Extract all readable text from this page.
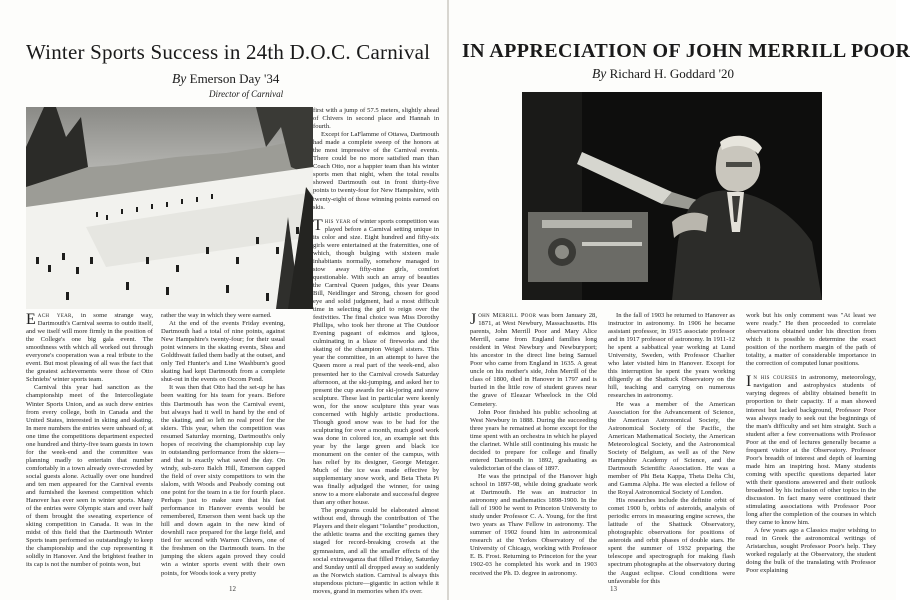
Winter Sports Success in 24th D.O.C. Carnival
By Emerson Day '34
Director of Carnival

Each year, in some strange way, Dartmouth's Carnival seems to outdo itself, and we itself will more firmly in the position of the College's one big gala event. The smoothness with which all worked out through everyone's cooperation was a real tribute to the event. But most pleasing of all was the fact that the greatest achievements were those of Otto Schniebs' winter sports team.

Carnival this year had sanction as the championship meet of the Intercollegiate Winter Sports Union, and as such drew entries from every college, both in Canada and the United States, interested in skiing and skating. In mere numbers the entries were unheard of; at one time the competitions department expected one hundred and thirty-five team guests in town for the week-end and the committee was planning madly to entertain that number comfortably in a town already over-crowded by social guests alone. Actually over one hundred and ten men appeared for the Carnival events and furnished the keenest competition which Hanover has ever seen in winter sports. Many of the entries were Olympic stars and over half of them brought the sweating experience of skiing competition in Canada. It was in the midst of this field that the Dartmouth Winter Sports team performed so outstandingly to keep the championship and the cup representing it solidly in Hanover. And the brightest feather in its cap is not the number of points won, but

rather the way in which they were earned.

At the end of the events Friday evening, Dartmouth had a total of nine points, against New Hampshire's twenty-four; for their usual point winners in the skating events, Shea and Goldthwait failed them badly at the outset, and only Ted Hunter's and Line Washburn's good skating had kept Dartmouth from a complete shut-out in the events on Occom Pond.

It was then that Otto had the set-up he has been waiting for his team for years. Before this Dartmouth has won the Carnival event, but always had it well in hand by the end of the skating, and so left no real proof for the skiers. This year, when the competition was resumed Saturday morning, Dartmouth's only hopes of receiving the championship cup lay in outstanding performance from the skiers—and that is exactly what saved the day. On windy, sub-zero Balch Hill, Emerson capped the field of over sixty competitors to win the slalom, with Woods and Peabody coming out one point for the team in a tie for fourth place. Perhaps just to make sure that his fast performance in Hanover events would be remembered, Emerson then went back up the hill and down again in the new kind of downhill race prepared for the large field, and tied for second with Warren Chivers, one of the freshmen on the Dartmouth team. In the jumping the skiers again proved they could win a winter sports event with their own points, for Woods took a very pretty

first with a jump of 57.5 meters, slightly ahead of Chivers in second place and Hannah in fourth.

Except for LaFlamme of Ottawa, Dartmouth had made a complete sweep of the honors at the most impressive of the Carnival events. There could be no more satisfied man than Coach Otto, nor a happier team than his winter sports men that night, when the total results showed Dartmouth out in front thirty-five points to twenty-four for New Hampshire, with twenty-eight of those winning points earned on skis.

This year of winter sports competition was played before a Carnival setting unique in its color and size. Eight hundred and fifty-six girls were entertained at the fraternities, one of which, though bulging with sixteen male inhabitants normally, somehow managed to stow away fifty-nine girls, comfort questionable. With such an array of beauties the Carnival Queen judges, this year Deans Bill, Neidlinger and Strong, chosen for good eye and solid judgment, had a most difficult time in selecting the girl to reign over the festivities. The final choice was Miss Dorothy Phillips, who took her throne at The Outdoor Evening pageant of eskimos and igloos, culminating in a blaze of fireworks and the skating of the champion Weigel sisters. This year the committee, in an attempt to have the Queen more a real part of the week-end, also presented her to the Carnival crowds Saturday afternoon, at the ski-jumping, and asked her to present the cup awards for ski-joring and snow sculpture. These last in particular were keenly won, for the snow sculpture this year was concerned with highly artistic productions. Though good snow was to be had for the sculpturing for over a month, much good work was done in colored ice, an example set this year by the large green and black ice monument on the center of the campus, with has relief by its designer, George Metzger. Much of the ice was made effective by supplementary snow work, and Beta Theta Pi was finally adjudged the winner, for using snow to a more elaborate and successful degree than any other house.

The programs could be elaborated almost without end, through the contribution of The Players and their elegant "Iolanthe" production, the athletic teams and the exciting games they staged for record-breaking crowds at the gymnasium, and all the smaller effects of the social extravaganza that filled Friday, Saturday and Sunday until all dropped away so suddenly as the Norwich station. Carnival is always this stupendous picture—gigantic in action while it moves, grand in memories when it's over.

12
IN APPRECIATION OF JOHN MERRILL POOR
By Richard H. Goddard '20

John Merrill Poor was born January 28, 1871, at West Newbury, Massachusetts. His parents, John Merrill Poor and Mary Alice Merrill, came from England families long resident in West Newbury and Newburyport; his ancestor in the direct line being Samuel Poor who came from England in 1635. A great uncle on his mother's side, John Merrill of the class of 1800, died in Hanover in 1797 and is buried in the little row of student graves near the grave of Eleazar Wheelock in the Old Cemetery.

John Poor finished his public schooling at West Newbury in 1888. During the succeeding three years he remained at home except for the time spent with an orchestra in which he played the clarinet. While still continuing his music he decided to prepare for college and finally entered Dartmouth in 1892, graduating as valedictorian of the class of 1897.

He was the principal of the Hanover high school in 1897-98, while doing graduate work at Dartmouth. He was an instructor in astronomy and mathematics 1898-1900. In the fall of 1900 he went to Princeton University to study under Professor C. A. Young, for the first two years as Thaw Fellow in astronomy. The summer of 1902 found him in astronomical research at the Yerkes Observatory of the University of Chicago, working with Professor E. B. Frost. Returning to Princeton for the year 1902-03 he completed his work and in 1903 received the Ph. D. degree in astronomy.

In the fall of 1903 he returned to Hanover as instructor in astronomy. In 1906 he became assistant professor, in 1915 associate professor and in 1917 professor of astronomy. In 1911-12 he spent a sabbatical year working at Lund University, Sweden, with Professor Charlier who later visited him in Hanover. Except for this interruption he spent the years working diligently at the Shattuck Observatory on the hill, teaching and carrying on numerous researches in astronomy.

He was a member of the American Association for the Advancement of Science, the American Astronomical Society, the Astronomical Society of the Pacific, the American Mathematical Society, the American Meteorological Society, and the Astronomical Society of Belgium, as well as of the New Hampshire Academy of Science, and the Dartmouth Scientific Association. He was a member of Phi Beta Kappa, Theta Delta Chi, and Gamma Alpha. He was elected a fellow of the Royal Astronomical Society of London.

His researches include the definite orbit of comet 1900 b, orbits of asteroids, analysis of periodic errors in measuring engine screws, the latitude of the Shattuck Observatory, photographic observations for positions of asteroids and orbit phases of double stars. He spent the summer of 1932 preparing the telescope and spectrograph for making flash spectrum photographs at the observatory during the August eclipse. Cloud conditions were unfavorable for this

work but his only comment was "At least we were ready." He then proceeded to correlate observations obtained under his direction from which it is possible to determine the exact position of the northern margin of the path of totality, a matter of considerable importance in the correction of computed lunar positions.

In his courses in astronomy, meteorology, navigation and astrophysics students of varying degrees of ability obtained benefit in proportion to their capacity. If a man showed interest but lacked background, Professor Poor was always ready to seek out the beginnings of the man's difficulty and set him straight. Such a student after a few conversations with Professor Poor at the end of lectures generally became a frequent visitor at the Observatory. Professor Poor's breadth of interest and depth of learning made him an inspiring host. Many students coming with specific questions departed later with their questions answered and their outlook broadened by his inclusion of other topics in the discussion. In fact many were continued their stimulating associations with Professor Poor long after the completion of the courses in which they came to know him.

A few years ago a Classics major wishing to read in Greek the astronomical writings of Aristarchus, sought Professor Poor's help. They worked regularly at the Observatory, the student doing the bulk of the translating with Professor Poor explaining

13
